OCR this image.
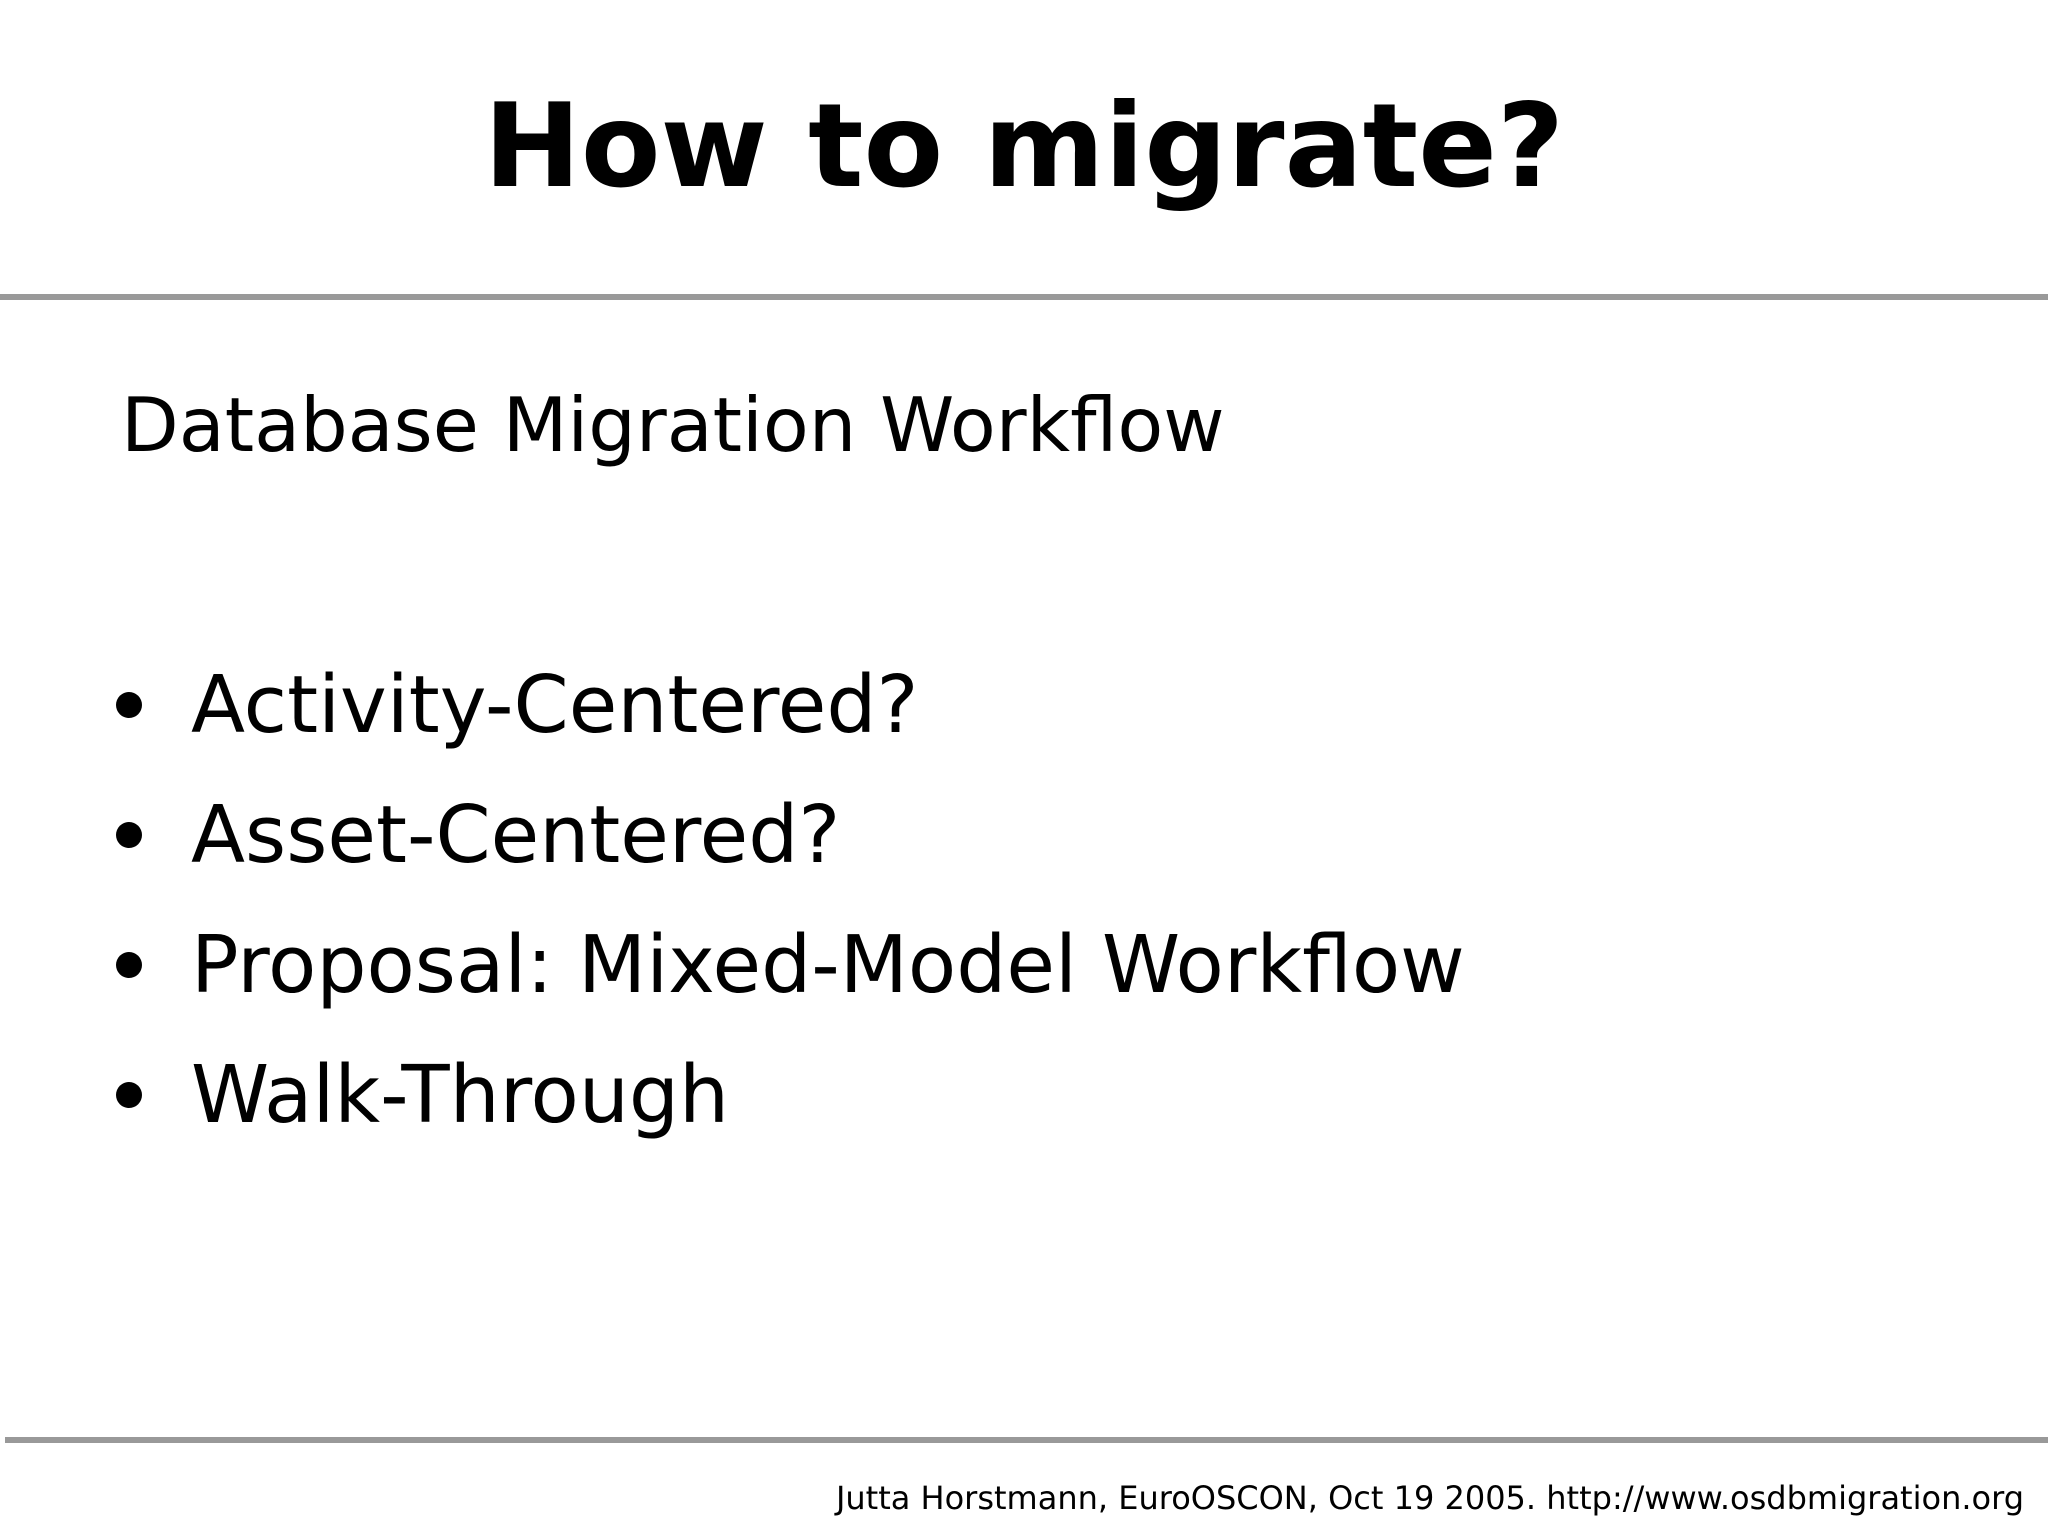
How to migrate?

Database Migration Workflow

Activity-Centered?
Asset-Centered?
Proposal: Mixed-Model Workflow
Walk-Through
Jutta Horstmann, EuroOSCON, Oct 19 2005. http://www.osdbmigration.org
